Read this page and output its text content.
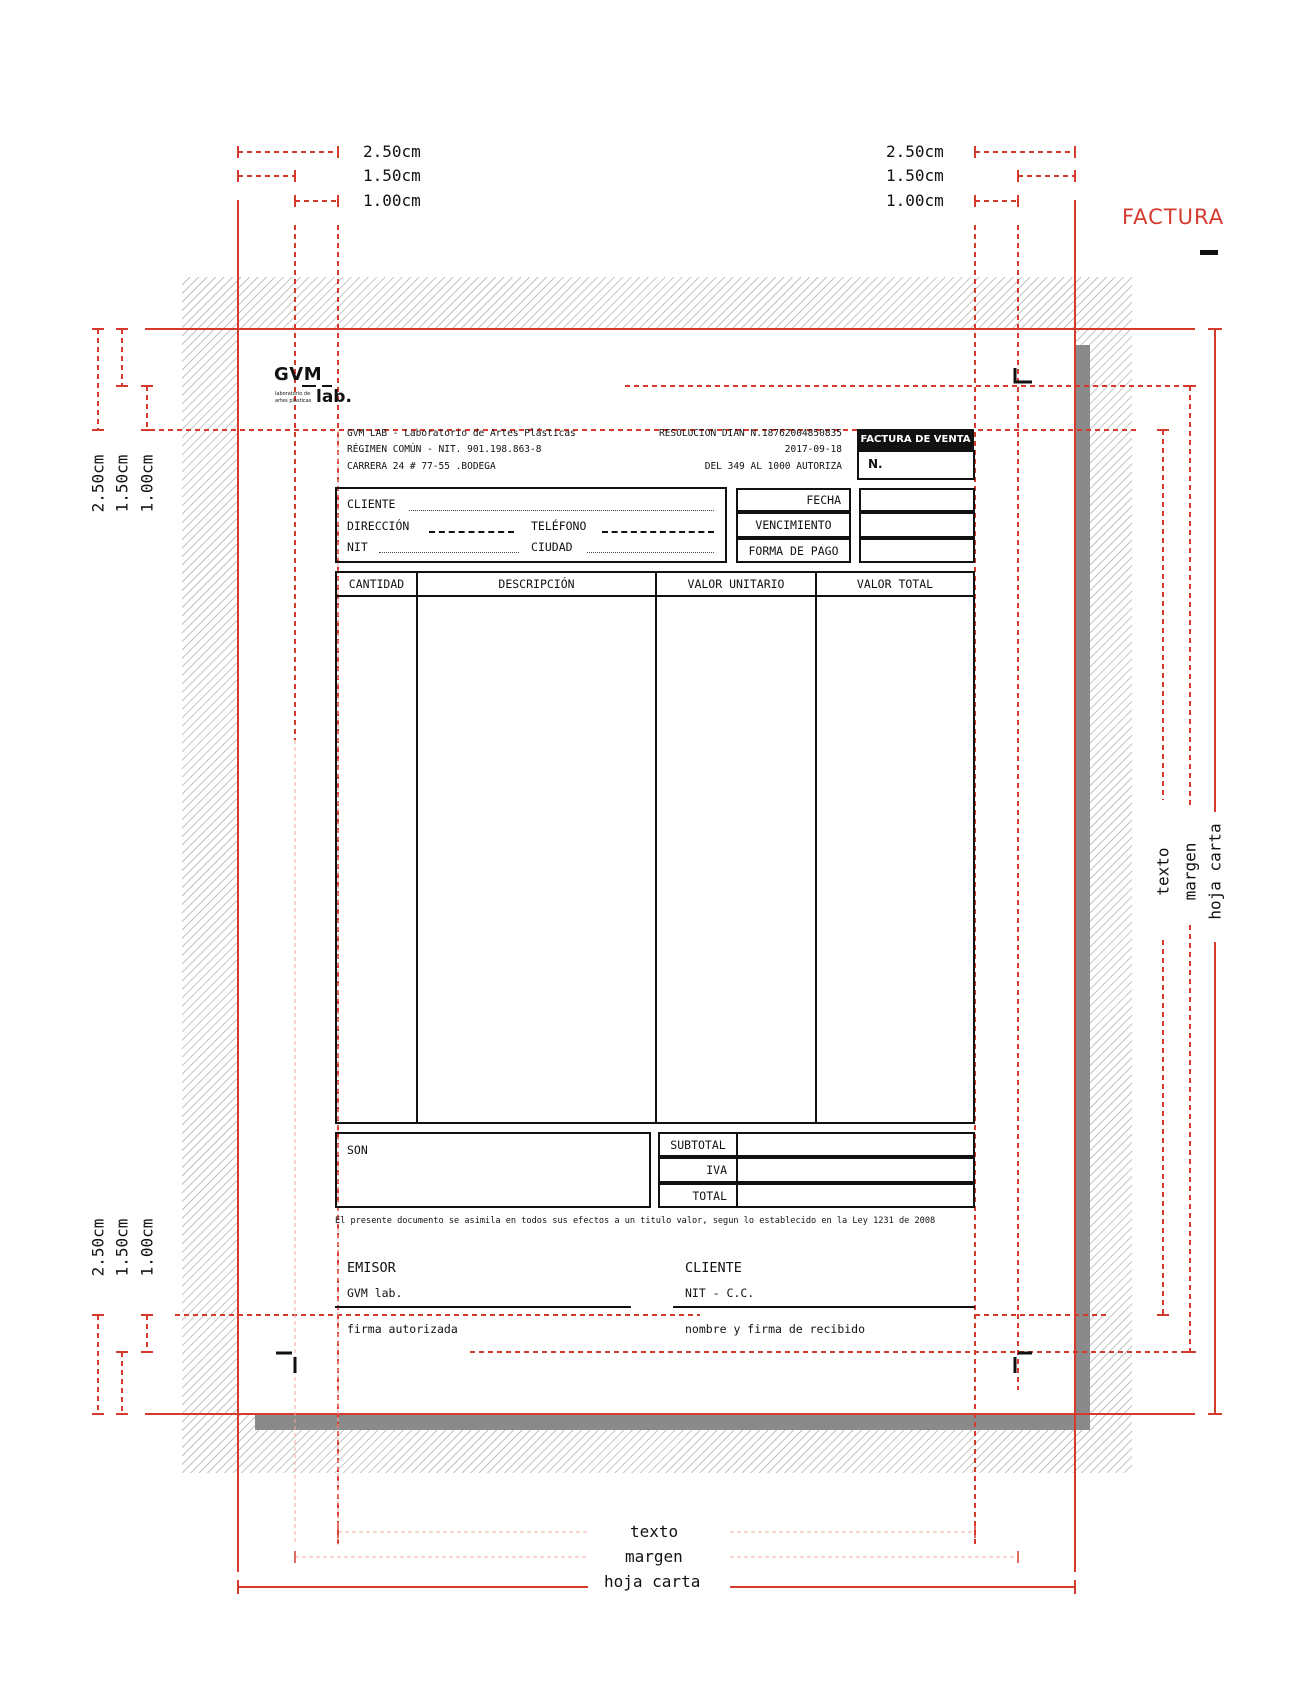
2.50cm
1.50cm
1.00cm
2.50cm
1.50cm
1.00cm
FACTURA
2.50cm 1.50cm 1.00cm
2.50cm 1.50cm 1.00cm
texto margen hoja carta
texto
margen
hoja carta
GVM
laboratorio de
artes plásticas lab.
GVM LAB - Laboratorio de Artes Plásticas
RÉGIMEN COMÚN - NIT. 901.198.863-8
CARRERA 24 # 77-55 .BODEGA
RESOLUCION DIAN N.18762004850835
2017-09-18
DEL 349 AL 1000 AUTORIZA
FACTURA DE VENTA
N.
CLIENTE
DIRECCIÓN	TELÉFONO
NIT	CIUDAD
FECHA
VENCIMIENTO
FORMA DE PAGO
CANTIDAD	DESCRIPCIÓN	VALOR UNITARIO	VALOR TOTAL
SON	SUBTOTAL
IVA
TOTAL
El presente documento se asimila en todos sus efectos a un titulo valor, segun lo establecido en la Ley 1231 de 2008
EMISOR
GVM lab.
firma autorizada
CLIENTE
NIT - C.C.
nombre y firma de recibido
